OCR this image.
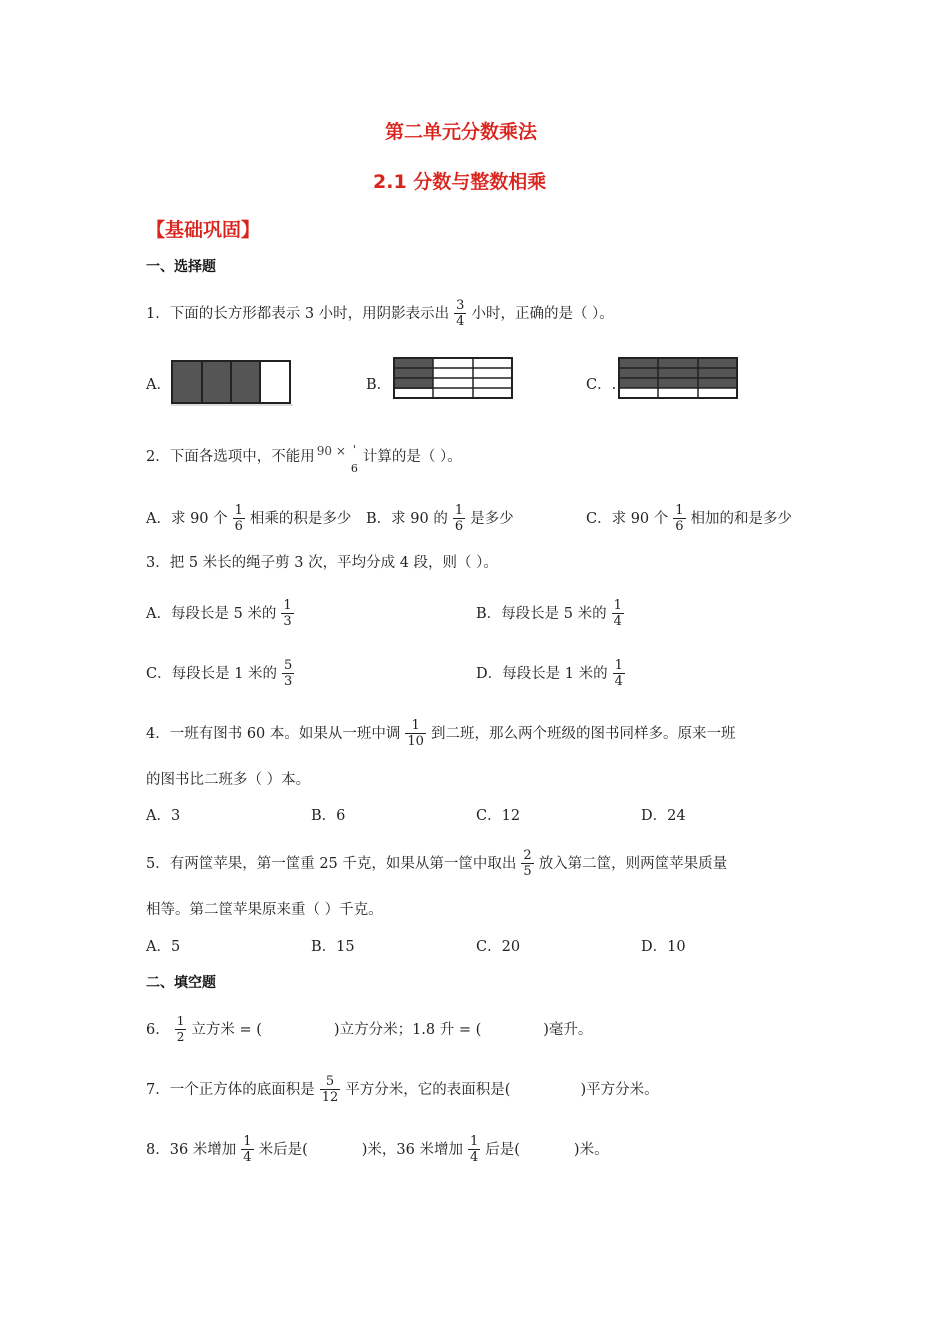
第二单元分数乘法
2.1 分数与整数相乘
【基础巩固】
一、选择题
1．下面的长方形都表示 3 小时，用阴影表示出 $\frac{3}{4}$ 小时，正确的是（ ）。
A．	B．	C．.
2．下面各选项中，不能用 90 × '
6
计算的是（ ）。
A．求 90 个 $\frac{1}{6}$ 相乘的积是多少 B．求 90 的 $\frac{1}{6}$ 是多少	C．求 90 个 $\frac{1}{6}$ 相加的和是多少
3．把 5 米长的绳子剪 3 次，平均分成 4 段，则（ ）。
A．每段长是 5 米的 $\frac{1}{3}$	B．每段长是 5 米的 $\frac{1}{4}$
C．每段长是 1 米的 $\frac{5}{3}$	D．每段长是 1 米的 $\frac{1}{4}$
4．一班有图书 60 本。如果从一班中调 $\frac{1}{10}$ 到二班，那么两个班级的图书同样多。原来一班
的图书比二班多（ ）本。
A．3	B．6	C．12	D．24
5．有两筐苹果，第一筐重 25 千克，如果从第一筐中取出 $\frac{2}{5}$ 放入第二筐，则两筐苹果质量
相等。第二筐苹果原来重（ ）千克。
A．5	B．15	C．20	D．10
二、填空题
6． $\frac{1}{2}$ 立方米 = (	)立方分米；1.8 升 = (	)毫升。
7．一个正方体的底面积是 $\frac{5}{12}$ 平方分米，它的表面积是(	)平方分米。
8．36 米增加 $\frac{1}{4}$ 米后是(	)米，36 米增加 $\frac{1}{4}$ 后是(	)米。
